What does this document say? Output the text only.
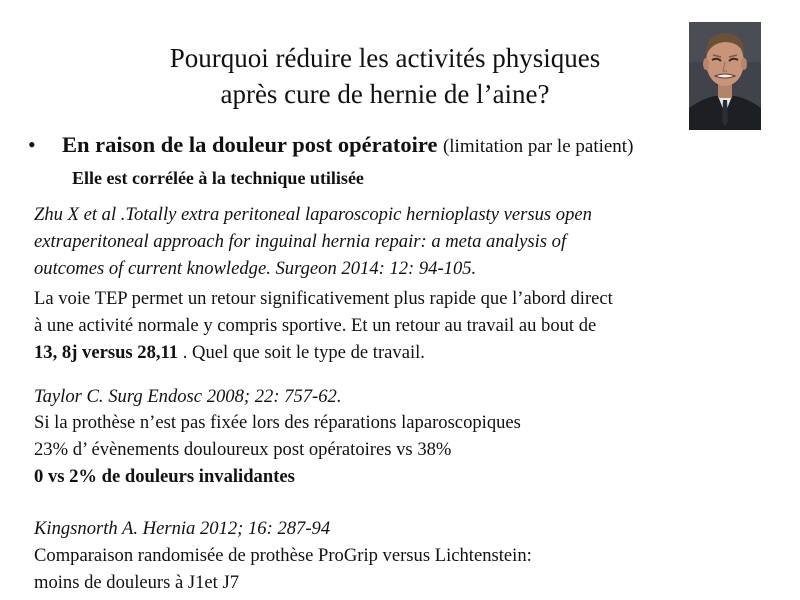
Pourquoi réduire les activités physiques
après cure de hernie de l’aine?
• En raison de la douleur post opératoire (limitation par le patient)
Elle est corrélée à la technique utilisée
Zhu X et al .Totally extra peritoneal laparoscopic hernioplasty versus open
extraperitoneal approach for inguinal hernia repair: a meta analysis of
outcomes of current knowledge. Surgeon 2014: 12: 94-105.
La voie TEP permet un retour significativement plus rapide que l’abord direct
à une activité normale y compris sportive. Et un retour au travail au bout de
13, 8j versus 28,11 . Quel que soit le type de travail.
Taylor C. Surg Endosc 2008; 22: 757-62.
Si la prothèse n’est pas fixée lors des réparations laparoscopiques
23% d’ évènements douloureux post opératoires vs 38%
0 vs 2% de douleurs invalidantes
Kingsnorth A. Hernia 2012; 16: 287-94
Comparaison randomisée de prothèse ProGrip versus Lichtenstein:
moins de douleurs à J1et J7
